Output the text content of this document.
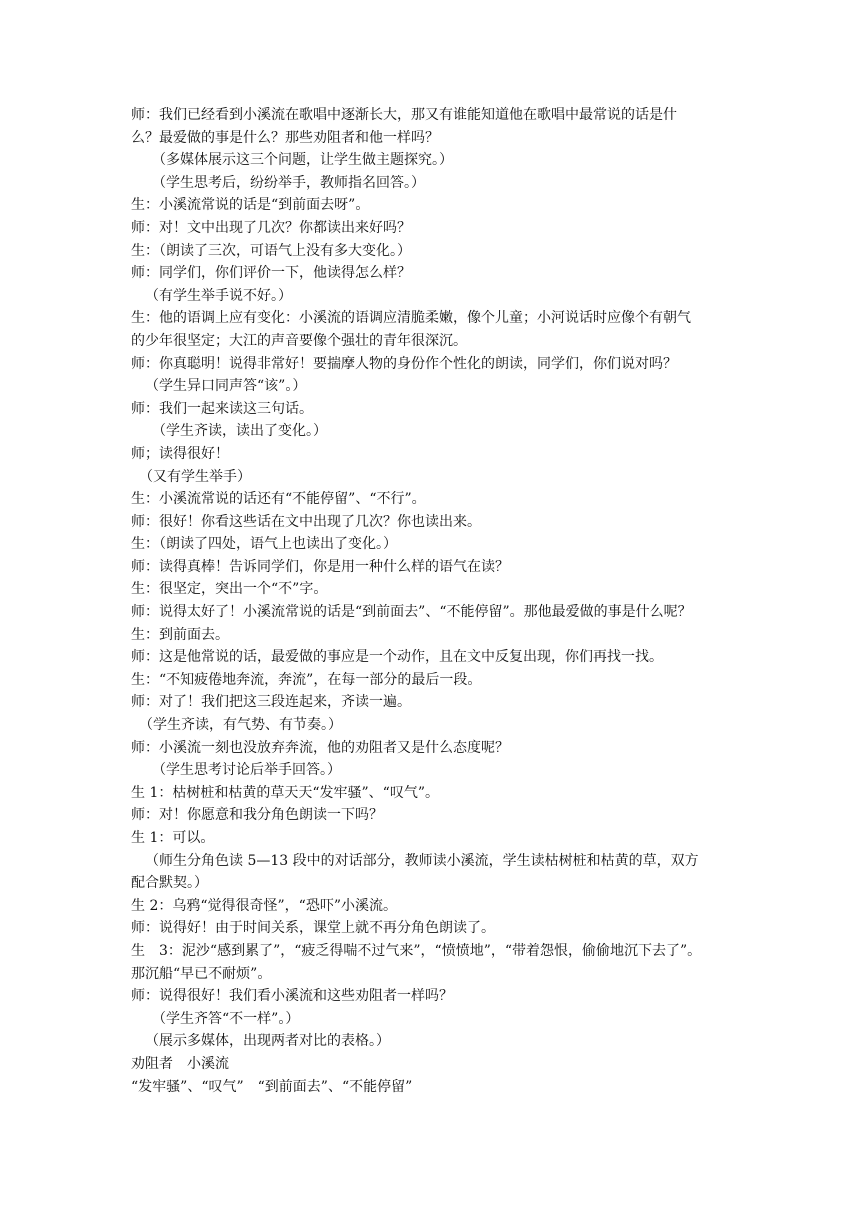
师：我们已经看到小溪流在歌唱中逐渐长大，那又有谁能知道他在歌唱中最常说的话是什
么？最爱做的事是什么？那些劝阻者和他一样吗？
（多媒体展示这三个问题，让学生做主题探究。）
（学生思考后，纷纷举手，教师指名回答。）
生：小溪流常说的话是“到前面去呀”。
师：对！文中出现了几次？你都读出来好吗？
生：（朗读了三次，可语气上没有多大变化。）
师：同学们，你们评价一下，他读得怎么样？
（有学生举手说不好。）
生：他的语调上应有变化：小溪流的语调应清脆柔嫩，像个儿童；小河说话时应像个有朝气
的少年很坚定；大江的声音要像个强壮的青年很深沉。
师：你真聪明！说得非常好！要揣摩人物的身份作个性化的朗读，同学们，你们说对吗？
（学生异口同声答“该”。）
师：我们一起来读这三句话。
（学生齐读，读出了变化。）
师；读得很好！
（又有学生举手）
生：小溪流常说的话还有“不能停留”、“不行”。
师：很好！你看这些话在文中出现了几次？你也读出来。
生：（朗读了四处，语气上也读出了变化。）
师：读得真棒！告诉同学们，你是用一种什么样的语气在读？
生：很坚定，突出一个“不”字。
师：说得太好了！小溪流常说的话是“到前面去”、“不能停留”。那他最爱做的事是什么呢？
生：到前面去。
师：这是他常说的话，最爱做的事应是一个动作，且在文中反复出现，你们再找一找。
生：“不知疲倦地奔流，奔流”，在每一部分的最后一段。
师：对了！我们把这三段连起来，齐读一遍。
（学生齐读，有气势、有节奏。）
师：小溪流一刻也没放弃奔流，他的劝阻者又是什么态度呢？
（学生思考讨论后举手回答。）
生 1：枯树桩和枯黄的草天天“发牢骚”、“叹气”。
师：对！你愿意和我分角色朗读一下吗？
生 1：可以。
（师生分角色读 5—13 段中的对话部分，教师读小溪流，学生读枯树桩和枯黄的草，双方
配合默契。）
生 2：乌鸦“觉得很奇怪”，“恐吓”小溪流。
师：说得好！由于时间关系，课堂上就不再分角色朗读了。
生　3：泥沙“感到累了”，“疲乏得喘不过气来”，“愤愤地”，“带着怨恨，偷偷地沉下去了”。
那沉船“早已不耐烦”。
师：说得很好！我们看小溪流和这些劝阻者一样吗？
（学生齐答“不一样”。）
（展示多媒体，出现两者对比的表格。）
劝阻者　小溪流
“发牢骚”、“叹气”　“到前面去”、“不能停留”
